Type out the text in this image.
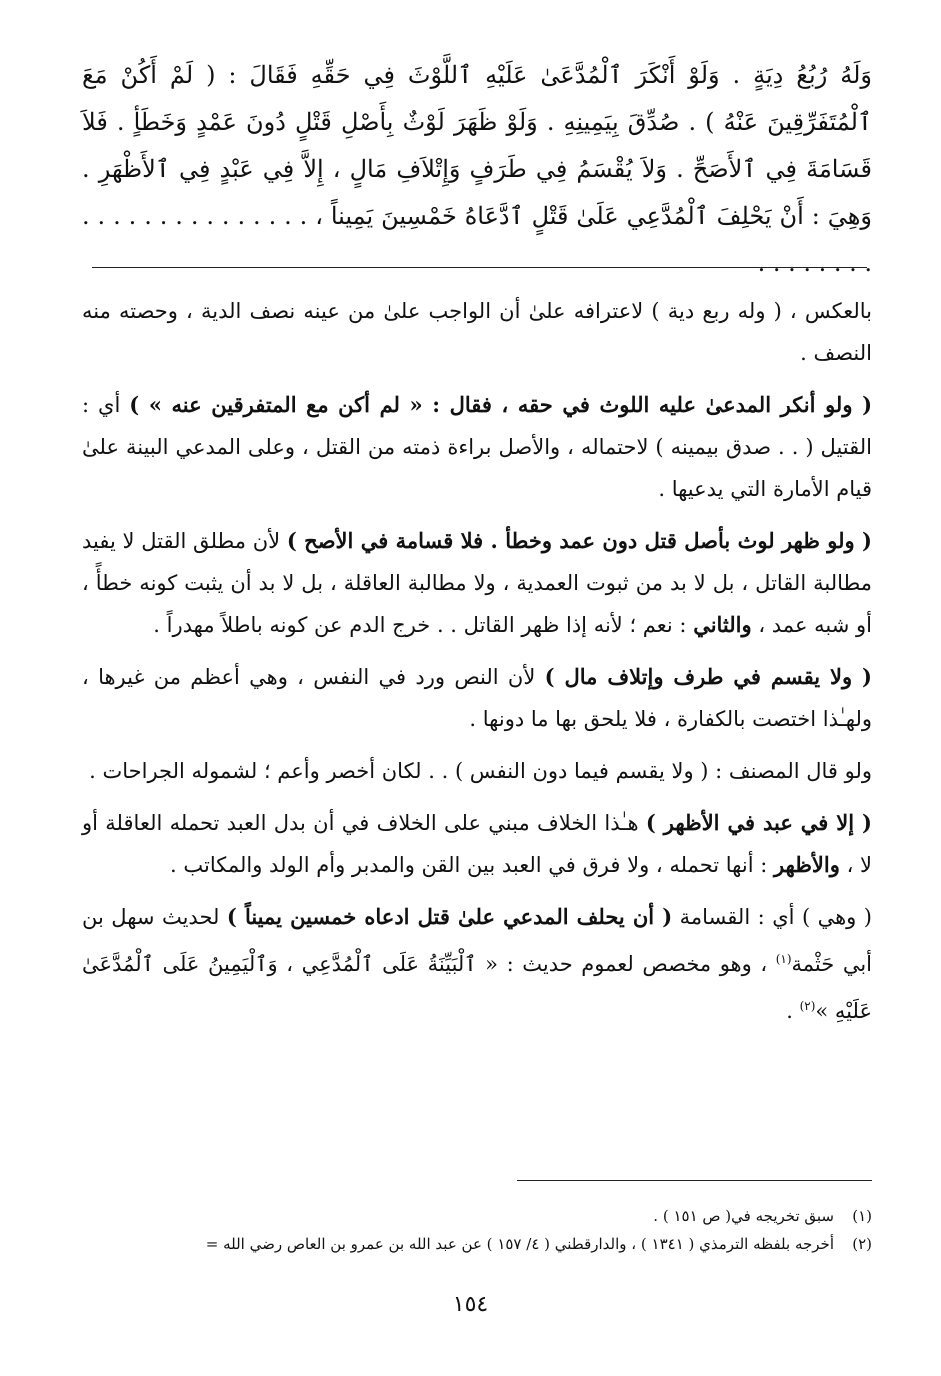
وَلَهُ رُبُعُ دِيَةٍ . وَلَوْ أَنْكَرَ ٱلْمُدَّعَىٰ عَلَيْهِ ٱللَّوْثَ فِي حَقِّهِ فَقَالَ : ( لَمْ أَكُنْ مَعَ ٱلْمُتَفَرِّقِينَ عَنْهُ ) . صُدِّقَ بِيَمِينِهِ . وَلَوْ ظَهَرَ لَوْثٌ بِأَصْلِ قَتْلٍ دُونَ عَمْدٍ وَخَطَأٍ . فَلاَ قَسَامَةَ فِي ٱلأَصَحِّ . وَلاَ يُقْسَمُ فِي طَرَفٍ وَإِتْلاَفِ مَالٍ ، إِلاَّ فِي عَبْدٍ فِي ٱلأَظْهَرِ . وَهِيَ : أَنْ يَحْلِفَ ٱلْمُدَّعِي عَلَىٰ قَتْلٍ ٱدَّعَاهُ خَمْسِينَ يَمِيناً ، . . . . . . . . . . . . . . . . . . . . . . .

بالعكس ، ( وله ربع دية ) لاعترافه علىٰ أن الواجب علىٰ من عينه نصف الدية ، وحصته منه النصف .

( ولو أنكر المدعىٰ عليه اللوث في حقه ، فقال : « لم أكن مع المتفرقين عنه » ) أي : القتيل ( . . صدق بيمينه ) لاحتماله ، والأصل براءة ذمته من القتل ، وعلى المدعي البينة علىٰ قيام الأمارة التي يدعيها .

( ولو ظهر لوث بأصل قتل دون عمد وخطأ . فلا قسامة في الأصح ) لأن مطلق القتل لا يفيد مطالبة القاتل ، بل لا بد من ثبوت العمدية ، ولا مطالبة العاقلة ، بل لا بد أن يثبت كونه خطأً ، أو شبه عمد ، والثاني : نعم ؛ لأنه إذا ظهر القاتل . . خرج الدم عن كونه باطلاً مهدراً .

( ولا يقسم في طرف وإتلاف مال ) لأن النص ورد في النفس ، وهي أعظم من غيرها ، ولهـٰذا اختصت بالكفارة ، فلا يلحق بها ما دونها .

ولو قال المصنف : ( ولا يقسم فيما دون النفس ) . . لكان أخصر وأعم ؛ لشموله الجراحات .

( إلا في عبد في الأظهر ) هـٰذا الخلاف مبني على الخلاف في أن بدل العبد تحمله العاقلة أو لا ، والأظهر : أنها تحمله ، ولا فرق في العبد بين القن والمدبر وأم الولد والمكاتب .

( وهي ) أي : القسامة ( أن يحلف المدعي علىٰ قتل ادعاه خمسين يميناً ) لحديث سهل بن أبي حَثْمة$^{(١)}$ ، وهو مخصص لعموم حديث : « ٱلْبَيِّنَةُ عَلَى ٱلْمُدَّعِي ، وَٱلْيَمِينُ عَلَى ٱلْمُدَّعَىٰ عَلَيْهِ »$^{(٢)}$ .

(١)سبق تخريجه في( ص ١٥١ ) .
(٢)أخرجه بلفظه الترمذي ( ١٣٤١ ) ، والدارقطني ( ٤/ ١٥٧ ) عن عبد الله بن عمرو بن العاص رضي الله =
١٥٤
